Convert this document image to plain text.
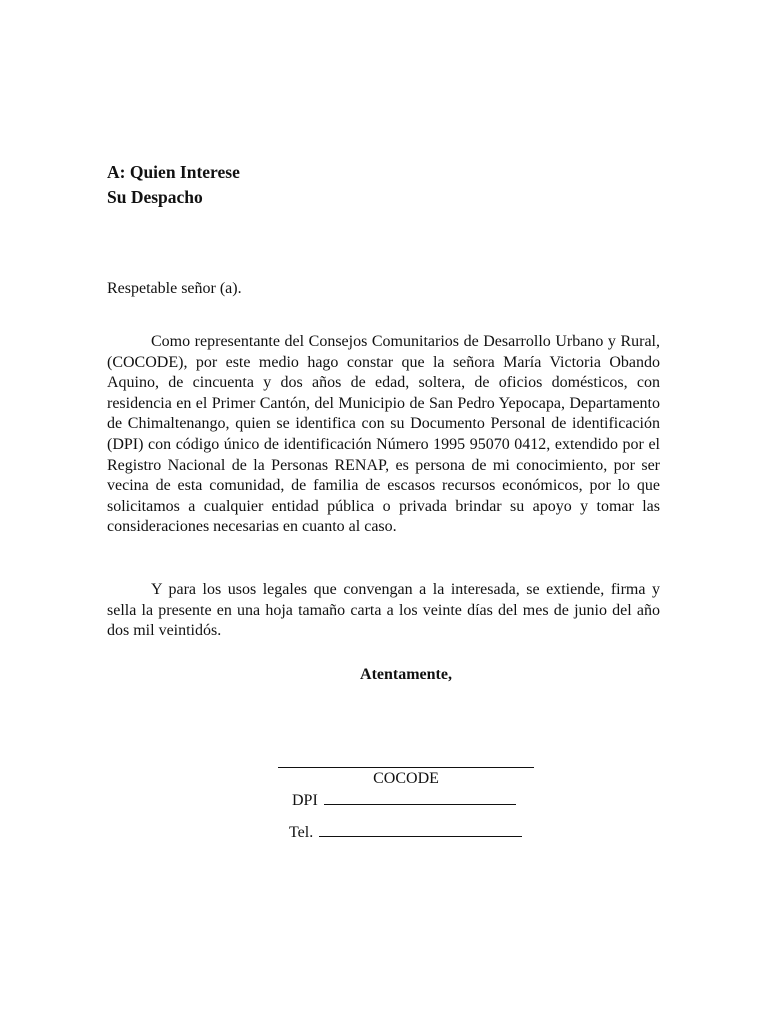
A: Quien Interese
Su Despacho
Respetable señor (a).

Como representante del Consejos Comunitarios de Desarrollo Urbano y Rural, (COCODE), por este medio hago constar que la señora María Victoria Obando Aquino, de cincuenta y dos años de edad, soltera, de oficios domésticos, con residencia en el Primer Cantón, del Municipio de San Pedro Yepocapa, Departamento de Chimaltenango, quien se identifica con su Documento Personal de identificación (DPI) con código único de identificación Número 1995 95070 0412, extendido por el Registro Nacional de la Personas RENAP, es persona de mi conocimiento, por ser vecina de esta comunidad, de familia de escasos recursos económicos, por lo que solicitamos a cualquier entidad pública o privada brindar su apoyo y tomar las consideraciones necesarias en cuanto al caso.

Y para los usos legales que convengan a la interesada, se extiende, firma y sella la presente en una hoja tamaño carta a los veinte días del mes de junio del año dos mil veintidós.

Atentamente,
COCODE
DPI
Tel.
